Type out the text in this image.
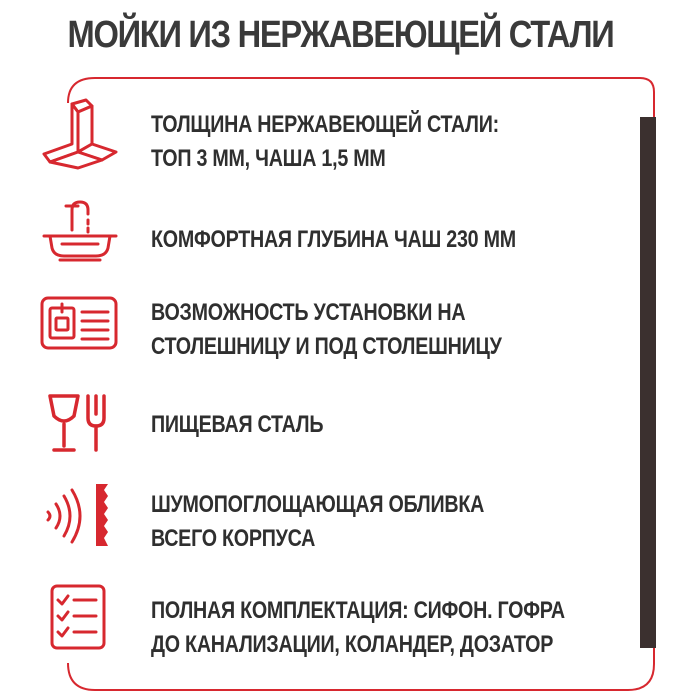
МОЙКИ ИЗ НЕРЖАВЕЮЩЕЙ СТАЛИ
ТОЛЩИНА НЕРЖАВЕЮЩЕЙ СТАЛИ:
ТОП 3 ММ, ЧАША 1,5 ММ
КОМФОРТНАЯ ГЛУБИНА ЧАШ 230 ММ
ВОЗМОЖНОСТЬ УСТАНОВКИ НА
СТОЛЕШНИЦУ И ПОД СТОЛЕШНИЦУ
ПИЩЕВАЯ СТАЛЬ
ШУМОПОГЛОЩАЮЩАЯ ОБЛИВКА
ВСЕГО КОРПУСА
ПОЛНАЯ КОМПЛЕКТАЦИЯ: СИФОН. ГОФРА
ДО КАНАЛИЗАЦИИ, КОЛАНДЕР, ДОЗАТОР
